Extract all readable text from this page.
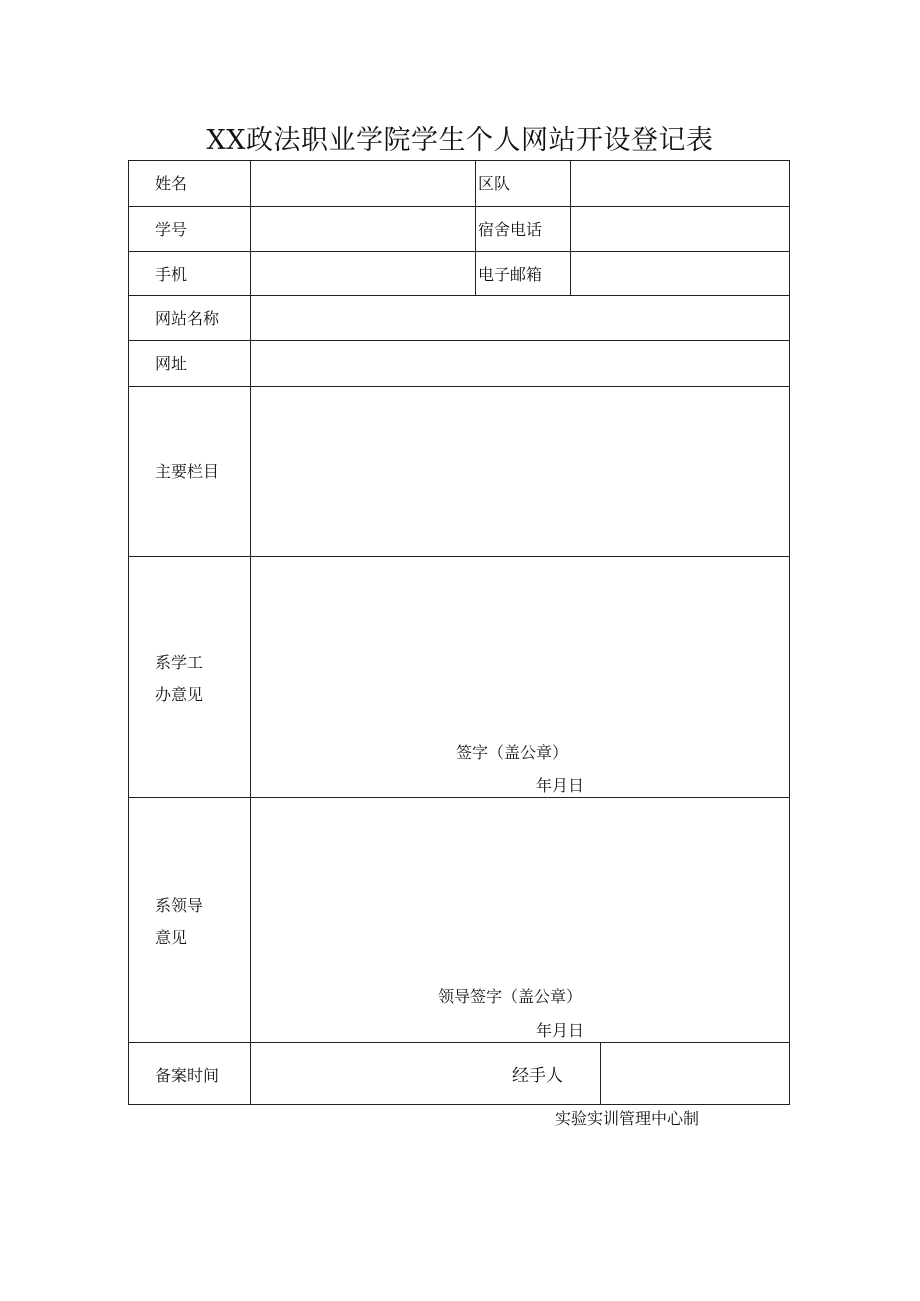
XX政法职业学院学生个人网站开设登记表
姓名	区队
学号	宿舍电话
手机	电子邮箱
网站名称
网址
主要栏目
系学工
办意见
签字（盖公章）
年月日
系领导
意见
领导签字（盖公章）
年月日
备案时间	经手人
实验实训管理中心制
